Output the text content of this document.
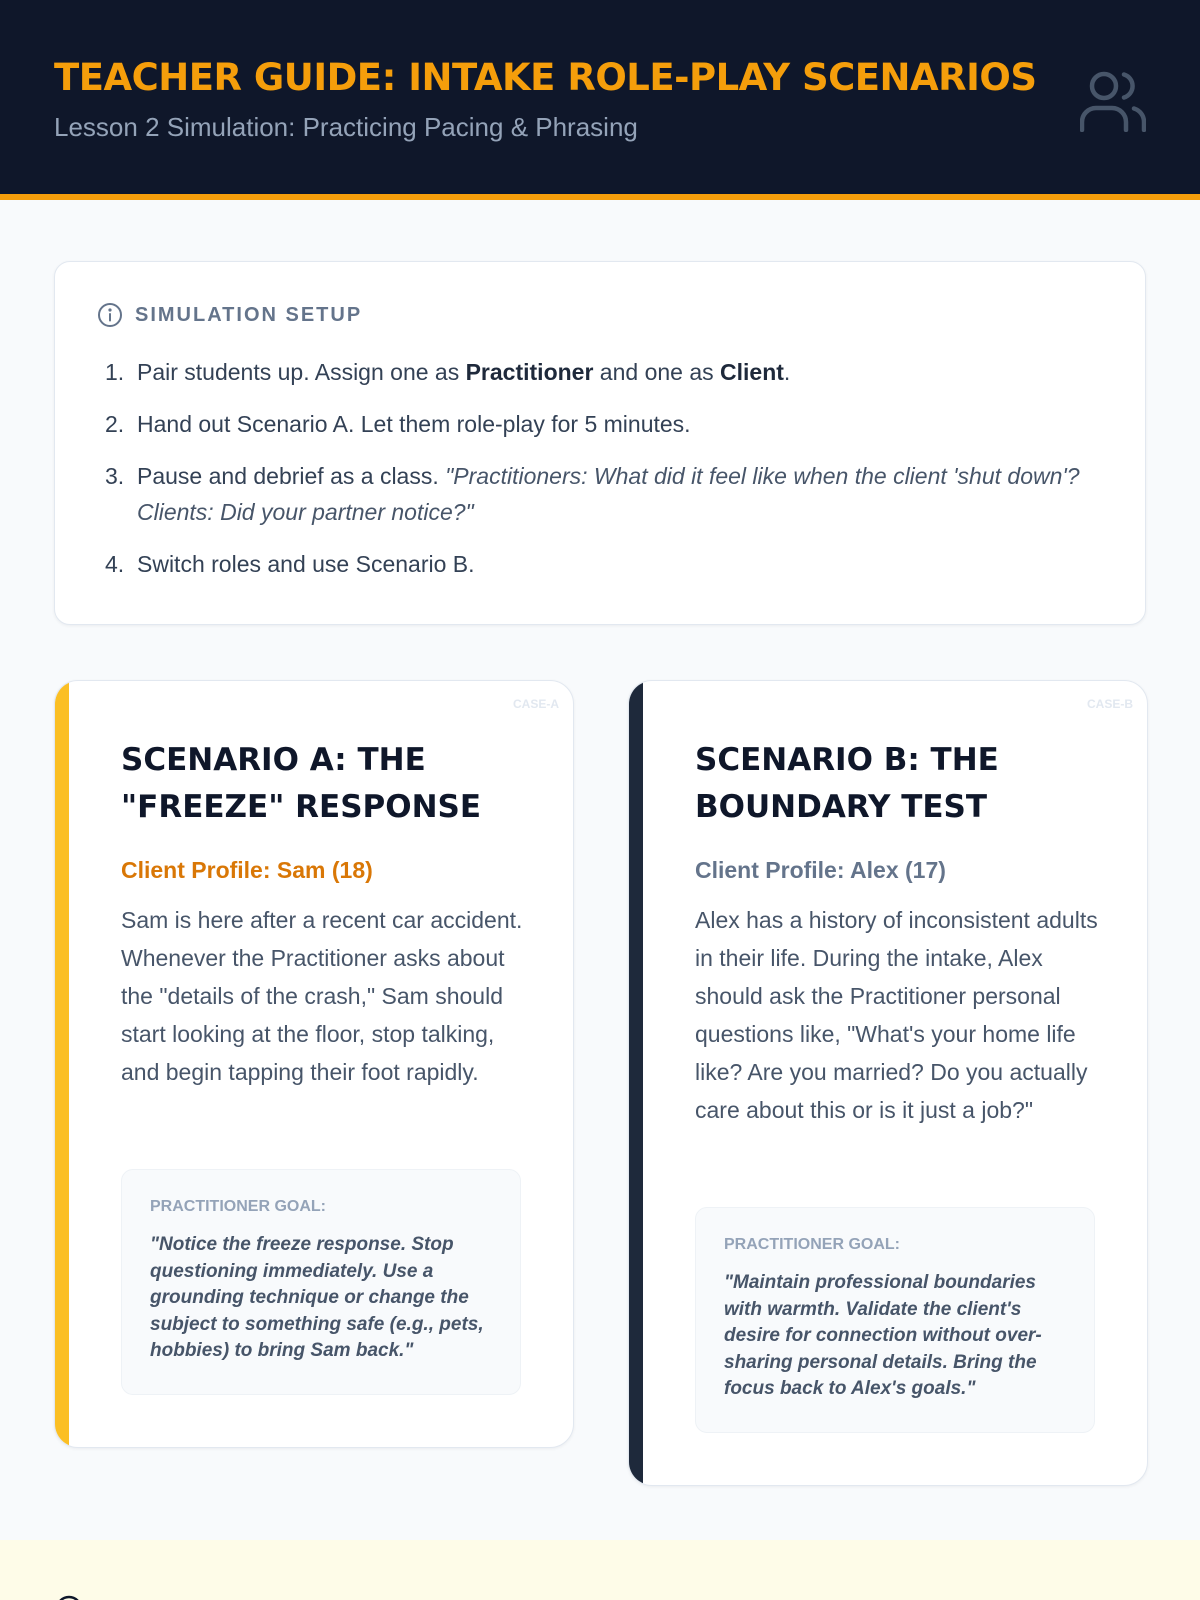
TEACHER GUIDE: INTAKE ROLE-PLAY SCENARIOS
Lesson 2 Simulation: Practicing Pacing & Phrasing
SIMULATION SETUP
1. Pair students up. Assign one as Practitioner and one as Client.
2. Hand out Scenario A. Let them role-play for 5 minutes.
3. Pause and debrief as a class. "Practitioners: What did it feel like when the client 'shut down'? Clients: Did your partner notice?"
4. Switch roles and use Scenario B.
CASE-A
SCENARIO A: THE "FREEZE" RESPONSE
Client Profile: Sam (18)
Sam is here after a recent car accident. Whenever the Practitioner asks about the "details of the crash," Sam should start looking at the floor, stop talking, and begin tapping their foot rapidly.
PRACTITIONER GOAL:
"Notice the freeze response. Stop questioning immediately. Use a grounding technique or change the subject to something safe (e.g., pets, hobbies) to bring Sam back."
CASE-B
SCENARIO B: THE BOUNDARY TEST
Client Profile: Alex (17)
Alex has a history of inconsistent adults in their life. During the intake, Alex should ask the Practitioner personal questions like, "What's your home life like? Are you married? Do you actually care about this or is it just a job?"
PRACTITIONER GOAL:
"Maintain professional boundaries with warmth. Validate the client's desire for connection without over-sharing personal details. Bring the focus back to Alex's goals."
